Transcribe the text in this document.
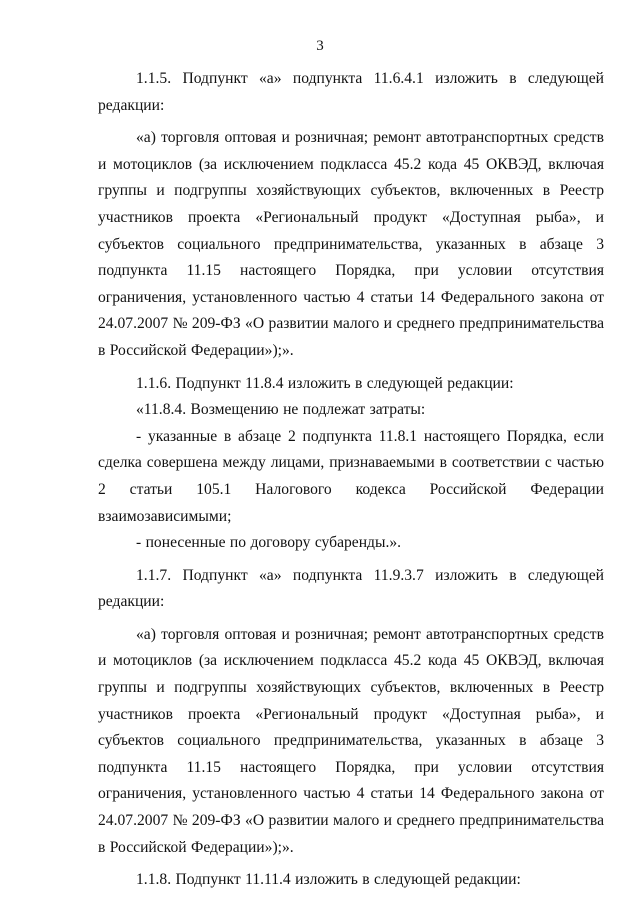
3

1.1.5. Подпункт «а» подпункта 11.6.4.1 изложить в следующей редакции:

«а) торговля оптовая и розничная; ремонт автотранспортных средств и мотоциклов (за исключением подкласса 45.2 кода 45 ОКВЭД, включая группы и подгруппы хозяйствующих субъектов, включенных в Реестр участников проекта «Региональный продукт «Доступная рыба», и субъектов социального предпринимательства, указанных в абзаце 3 подпункта 11.15 настоящего Порядка, при условии отсутствия ограничения, установленного частью 4 статьи 14 Федерального закона от 24.07.2007 № 209-ФЗ «О развитии малого и среднего предпринимательства в Российской Федерации»);».

1.1.6. Подпункт 11.8.4 изложить в следующей редакции:

«11.8.4. Возмещению не подлежат затраты:

- указанные в абзаце 2 подпункта 11.8.1 настоящего Порядка, если сделка совершена между лицами, признаваемыми в соответствии с частью 2 статьи 105.1 Налогового кодекса Российской Федерации взаимозависимыми;

- понесенные по договору субаренды.».

1.1.7. Подпункт «а» подпункта 11.9.3.7 изложить в следующей редакции:

«а) торговля оптовая и розничная; ремонт автотранспортных средств и мотоциклов (за исключением подкласса 45.2 кода 45 ОКВЭД, включая группы и подгруппы хозяйствующих субъектов, включенных в Реестр участников проекта «Региональный продукт «Доступная рыба», и субъектов социального предпринимательства, указанных в абзаце 3 подпункта 11.15 настоящего Порядка, при условии отсутствия ограничения, установленного частью 4 статьи 14 Федерального закона от 24.07.2007 № 209-ФЗ «О развитии малого и среднего предпринимательства в Российской Федерации»);».

1.1.8. Подпункт 11.11.4 изложить в следующей редакции:
